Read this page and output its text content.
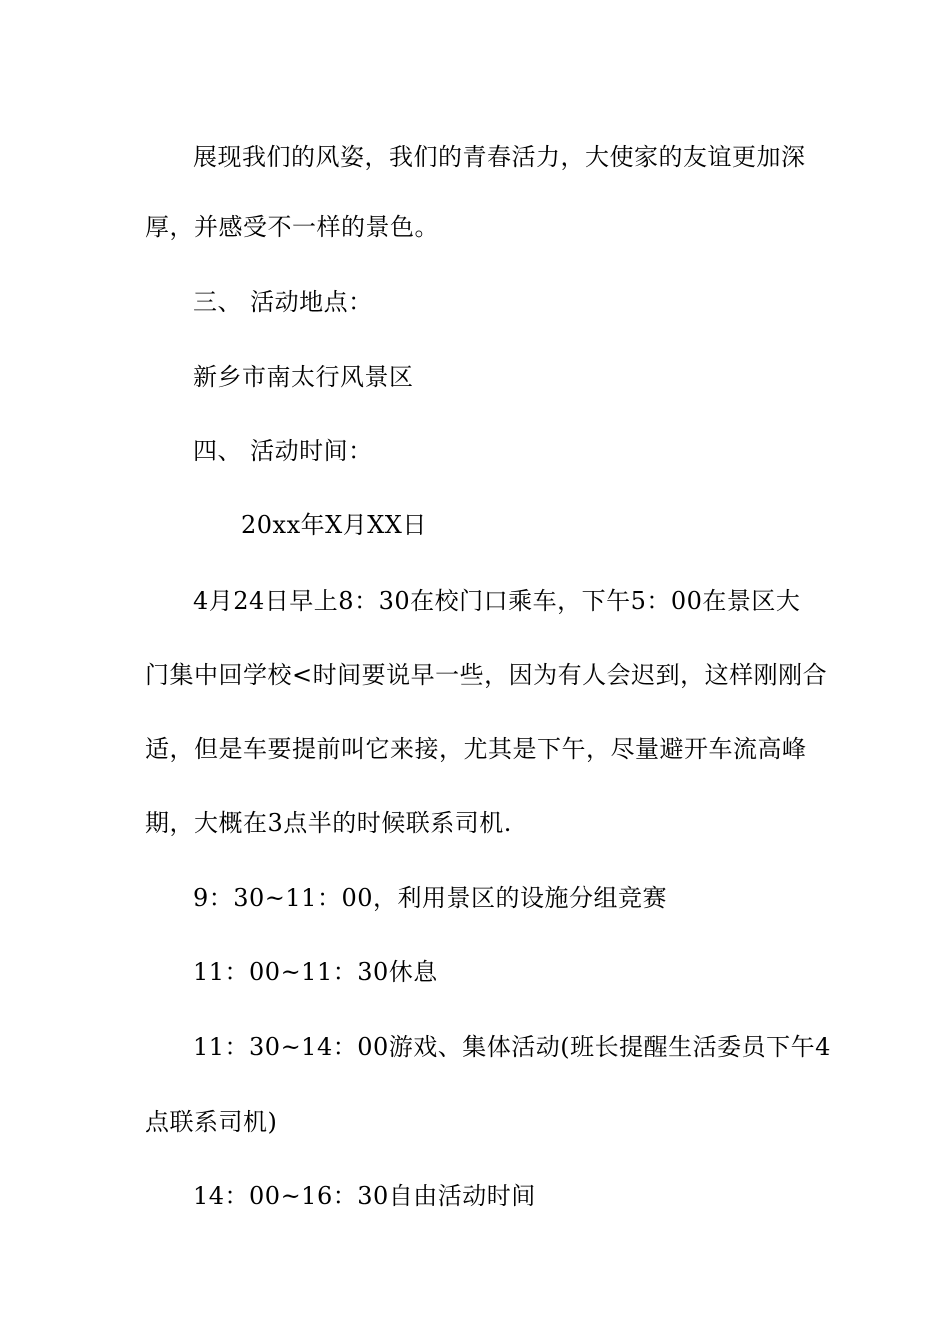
展现我们的风姿，我们的青春活力，大使家的友谊更加深
厚，并感受不一样的景色。
三、 活动地点：
新乡市南太行风景区
四、 活动时间：
20xx年X月XX日
4月24日早上8：30在校门口乘车，下午5：00在景区大
门集中回学校<时间要说早一些，因为有人会迟到，这样刚刚合
适，但是车要提前叫它来接，尤其是下午，尽量避开车流高峰
期，大概在3点半的时候联系司机.
9：30~11：00，利用景区的设施分组竞赛
11：00~11：30休息
11：30~14：00游戏、集体活动(班长提醒生活委员下午4
点联系司机)
14：00~16：30自由活动时间
